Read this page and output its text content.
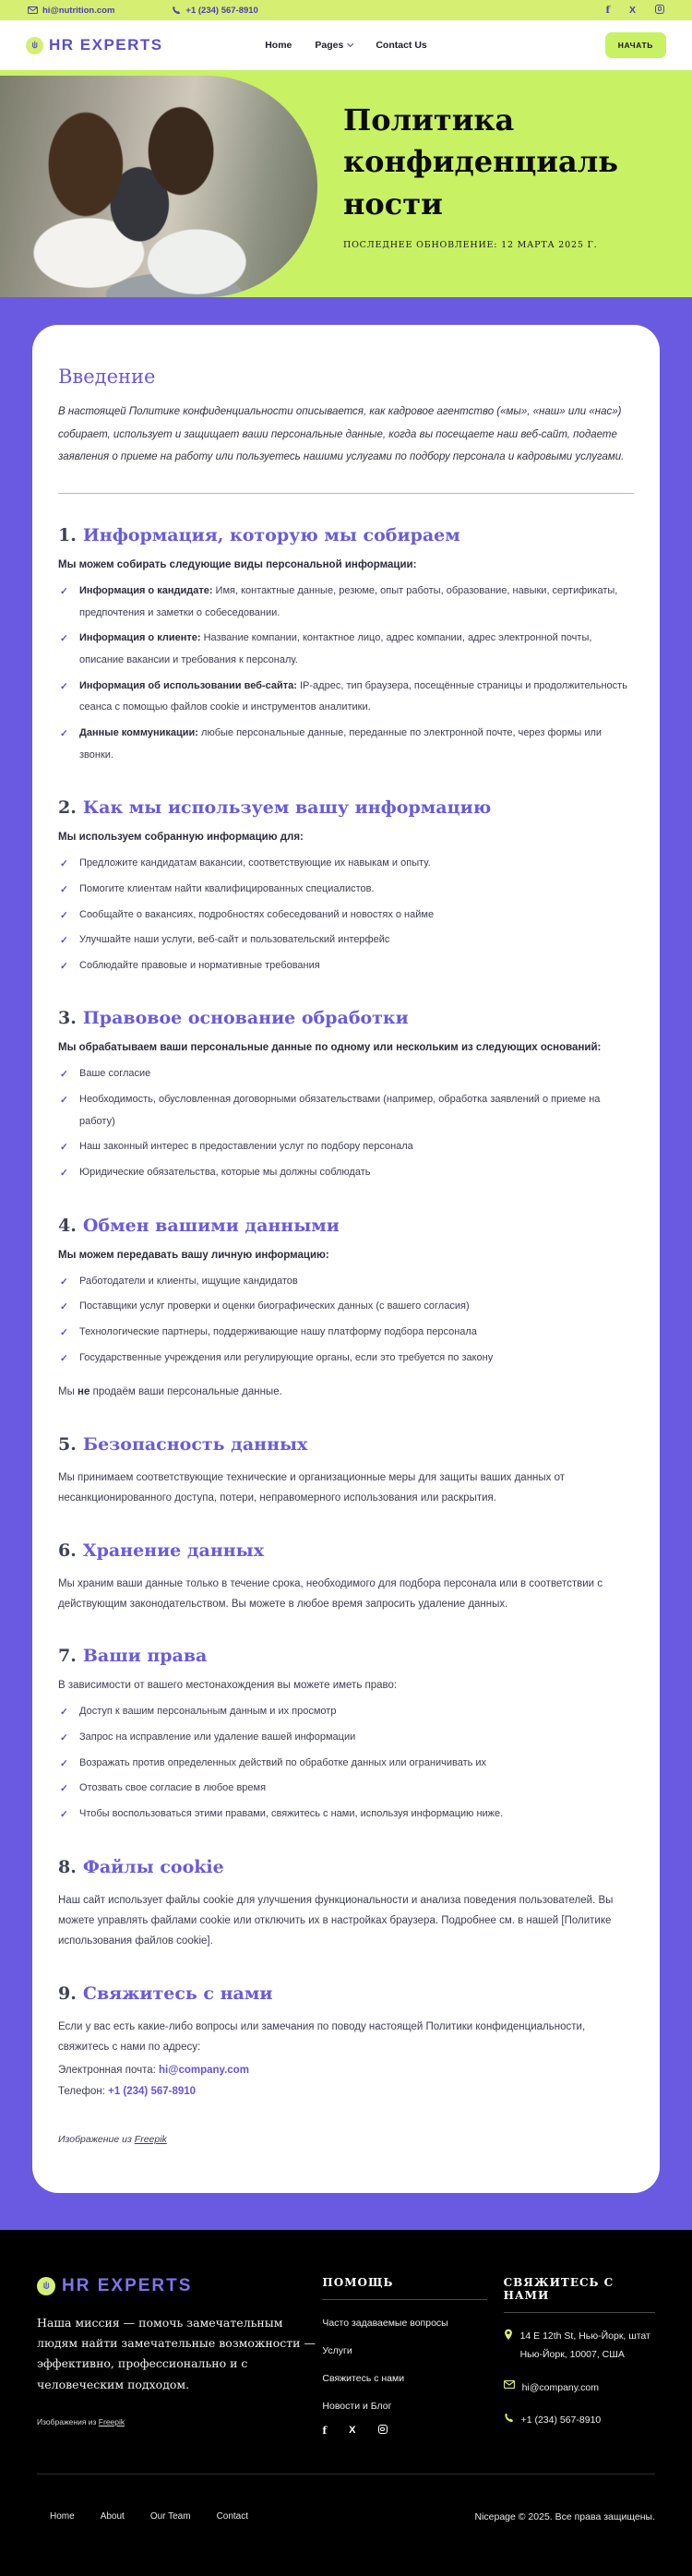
hi@nutrition.com	+1 (234) 567-8910	f X
HR EXPERTS	Home Pages	Contact Us	НАЧАТЬ
Политика конфиденциальности
ПОСЛЕДНЕЕ ОБНОВЛЕНИЕ: 12 МАРТА 2025 Г.
Введение

В настоящей Политике конфиденциальности описывается, как кадровое агентство («мы», «наш» или «нас») собирает, использует и защищает ваши персональные данные, когда вы посещаете наш веб-сайт, подаете заявления о приеме на работу или пользуетесь нашими услугами по подбору персонала и кадровыми услугами.

1. Информация, которую мы собираем

Мы можем собирать следующие виды персональной информации:

✓ Информация о кандидате: Имя, контактные данные, резюме, опыт работы, образование, навыки, сертификаты, предпочтения и заметки о собеседовании.
✓ Информация о клиенте: Название компании, контактное лицо, адрес компании, адрес электронной почты, описание вакансии и требования к персоналу.
✓ Информация об использовании веб-сайта: IP-адрес, тип браузера, посещённые страницы и продолжительность сеанса с помощью файлов cookie и инструментов аналитики.
✓ Данные коммуникации: любые персональные данные, переданные по электронной почте, через формы или звонки.
2. Как мы используем вашу информацию

Мы используем собранную информацию для:

✓ Предложите кандидатам вакансии, соответствующие их навыкам и опыту.
✓ Помогите клиентам найти квалифицированных специалистов.
✓ Сообщайте о вакансиях, подробностях собеседований и новостях о найме
✓ Улучшайте наши услуги, веб-сайт и пользовательский интерфейс
✓ Соблюдайте правовые и нормативные требования
3. Правовое основание обработки

Мы обрабатываем ваши персональные данные по одному или нескольким из следующих оснований:

✓ Ваше согласие
✓ Необходимость, обусловленная договорными обязательствами (например, обработка заявлений о приеме на работу)
✓ Наш законный интерес в предоставлении услуг по подбору персонала
✓ Юридические обязательства, которые мы должны соблюдать
4. Обмен вашими данными

Мы можем передавать вашу личную информацию:

✓ Работодатели и клиенты, ищущие кандидатов
✓ Поставщики услуг проверки и оценки биографических данных (с вашего согласия)
✓ Технологические партнеры, поддерживающие нашу платформу подбора персонала
✓ Государственные учреждения или регулирующие органы, если это требуется по закону

Мы не продаём ваши персональные данные.

5. Безопасность данных

Мы принимаем соответствующие технические и организационные меры для защиты ваших данных от несанкционированного доступа, потери, неправомерного использования или раскрытия.

6. Хранение данных

Мы храним ваши данные только в течение срока, необходимого для подбора персонала или в соответствии с действующим законодательством. Вы можете в любое время запросить удаление данных.

7. Ваши права

В зависимости от вашего местонахождения вы можете иметь право:

✓ Доступ к вашим персональным данным и их просмотр
✓ Запрос на исправление или удаление вашей информации
✓ Возражать против определенных действий по обработке данных или ограничивать их
✓ Отозвать свое согласие в любое время
✓ Чтобы воспользоваться этими правами, свяжитесь с нами, используя информацию ниже.
8. Файлы cookie

Наш сайт использует файлы cookie для улучшения функциональности и анализа поведения пользователей. Вы можете управлять файлами cookie или отключить их в настройках браузера. Подробнее см. в нашей [Политике использования файлов cookie].

9. Свяжитесь с нами

Если у вас есть какие-либо вопросы или замечания по поводу настоящей Политики конфиденциальности, свяжитесь с нами по адресу:

Электронная почта: hi@company.com

Телефон: +1 (234) 567-8910

Изображение из Freepik

HR EXPERTS

Наша миссия — помочь замечательным людям найти замечательные возможности — эффективно, профессионально и с человеческим подходом.

Изображения из Freepik

ПОМОЩЬ
Часто задаваемые вопросы
Услуги
Свяжитесь с нами
Новости и Блог
f X
СВЯЖИТЕСЬ С НАМИ
14 E 12th St, Нью-Йорк, штат Нью-Йорк, 10007, США
hi@company.com
+1 (234) 567-8910
Home	About	Our Team	Contact	Nicepage © 2025. Все права защищены.
